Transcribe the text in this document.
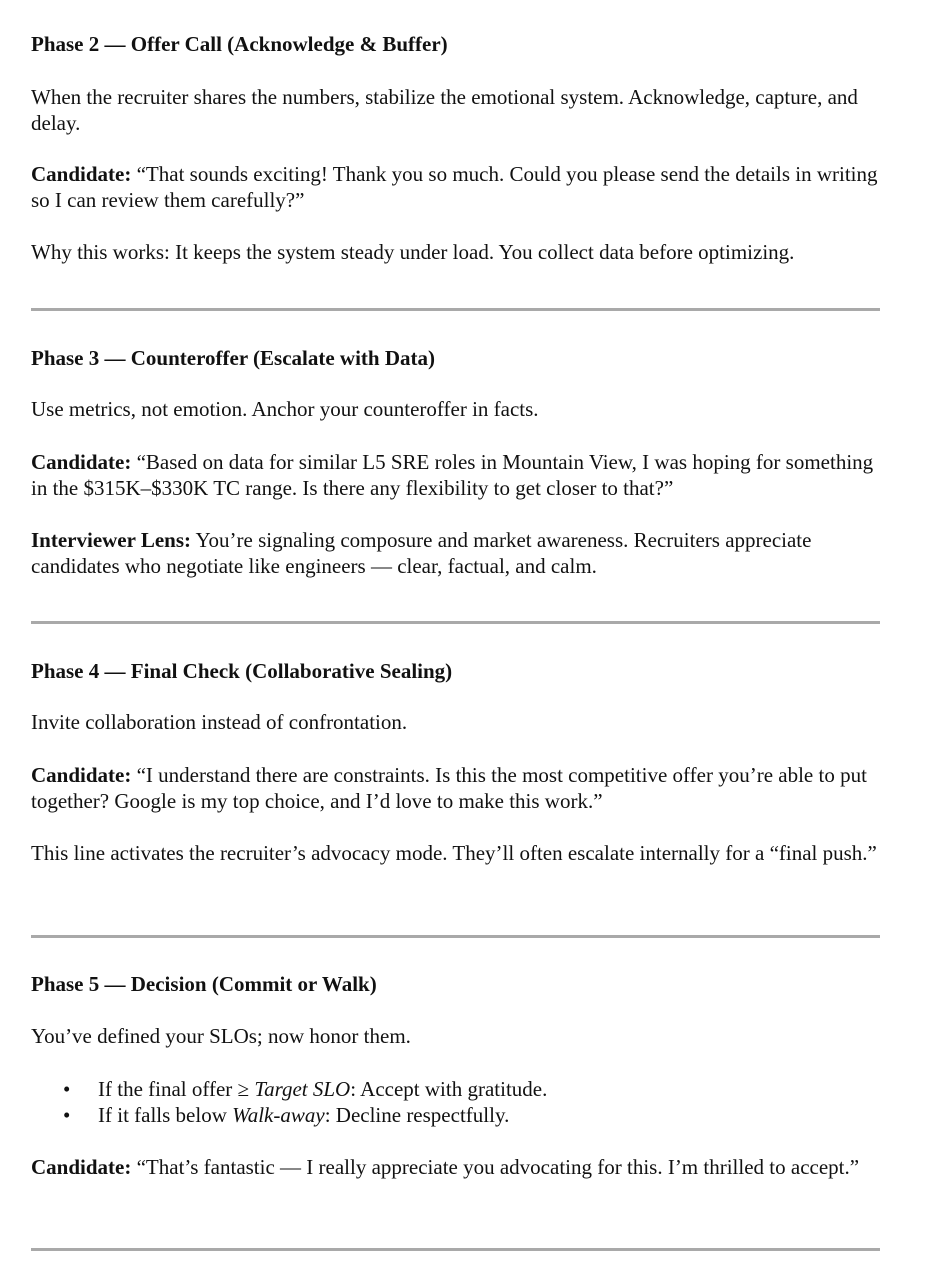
Phase 2 — Offer Call (Acknowledge & Buffer)

When the recruiter shares the numbers, stabilize the emotional system. Acknowledge, capture, and delay.

Candidate: “That sounds exciting! Thank you so much. Could you please send the details in writing so I can review them carefully?”

Why this works: It keeps the system steady under load. You collect data before optimizing.

Phase 3 — Counteroffer (Escalate with Data)

Use metrics, not emotion. Anchor your counteroffer in facts.

Candidate: “Based on data for similar L5 SRE roles in Mountain View, I was hoping for something in the $315K–$330K TC range. Is there any flexibility to get closer to that?”

Interviewer Lens: You’re signaling composure and market awareness. Recruiters appreciate candidates who negotiate like engineers — clear, factual, and calm.

Phase 4 — Final Check (Collaborative Sealing)

Invite collaboration instead of confrontation.

Candidate: “I understand there are constraints. Is this the most competitive offer you’re able to put together? Google is my top choice, and I’d love to make this work.”

This line activates the recruiter’s advocacy mode. They’ll often escalate internally for a “final push.”

Phase 5 — Decision (Commit or Walk)

You’ve defined your SLOs; now honor them.

• If the final offer ≥ Target SLO: Accept with gratitude.
• If it falls below Walk-away: Decline respectfully.

Candidate: “That’s fantastic — I really appreciate you advocating for this. I’m thrilled to accept.”
